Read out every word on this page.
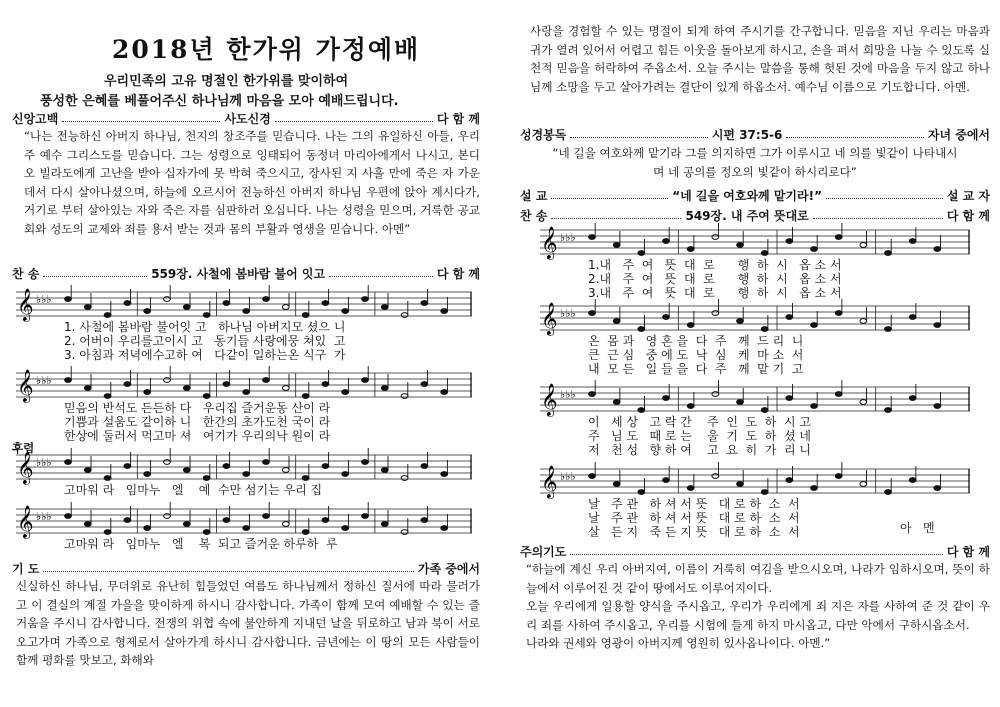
2018년 한가위 가정예배
우리민족의 고유 명절인 한가위를 맞이하여
풍성한 은혜를 베풀어주신 하나님께 마음을 모아 예배드립니다.
신앙고백	사도신경	다 함 께
“나는 전능하신 아버지 하나님, 천지의 창조주를 믿습니다. 나는 그의 유일하신 아들, 우리 주 예수 그리스도를 믿습니다. 그는 성령으로 잉태되어 동정녀 마리아에게서 나시고, 본디오 빌라도에게 고난을 받아 십자가에 못 박혀 죽으시고, 장사된 지 사흘 만에 죽은 자 가운데서 다시 살아나셨으며, 하늘에 오르시어 전능하신 아버지 하나님 우편에 앉아 계시다가, 거기로 부터 살아있는 자와 죽은 자를 심판하러 오십니다. 나는 성령을 믿으며, 거룩한 공교회와 성도의 교제와 죄를 용서 받는 것과 몸의 부활과 영생을 믿습니다. 아멘”
찬 송	559장. 사철에 봄바람 불어 잇고	다 함 께
𝄞 ♭♭♭
1. 사철에 봄바람 불어잇 고   하나님 아버지모 셨으 니
2. 어버이 우리를고이시 고   동기들 사랑에뭉 쳐있  고
3. 아침과 저녁에수고하 여   다같이 일하는온 식구  가
𝄞 ♭♭♭
믿음의 반석도 든든하 다   우리집 즐거운동 산이 라
기쁨과 설움도 같이하 니   한간의 초가도천 국이 라
한상에 둘러서 먹고마 셔   여기가 우리의낙 원이 라
𝄞 ♭♭♭
고마워 라   임마누   엘    예  수만 섬기는 우리 집
𝄞 ♭♭♭
고마워 라   임마누   엘    복  되고 즐거운 하루하  루
후렴
기 도	가족 중에서
신실하신 하나님, 무더위로 유난히 힘들었던 여름도 하나님께서 정하신 질서에 따라 물러가고 이 결실의 계절 가을을 맞이하게 하시니 감사합니다. 가족이 함께 모여 예배할 수 있는 즐거움을 주시니 감사합니다. 전쟁의 위협 속에 불안하게 지내던 날을 뒤로하고 남과 북이 서로 오고가며 가족으로 형제로서 살아가게 하시니 감사합니다. 금년에는 이 땅의 모든 사람들이 함께 평화를 맛보고, 화해와
사랑을 경험할 수 있는 명절이 되게 하여 주시기를 간구합니다. 믿음을 지닌 우리는 마음과 귀가 열려 있어서 어렵고 힘든 이웃을 돌아보게 하시고, 손을 펴서 희망을 나눌 수 있도록 실천적 믿음을 허락하여 주옵소서. 오늘 주시는 말씀을 통해 헛된 것에 마음을 두지 않고 하나님께 소망을 두고 살아가려는 결단이 있게 하옵소서. 예수님 이름으로 기도합니다. 아멘.
성경봉독	시편 37:5-6	자녀 중에서
“네 길을 여호와께 맡기라 그를 의지하면 그가 이루시고 네 의를 빛같이 나타내시며 네 공의를 정오의 빛같이 하시리로다”
설 교	“네 길을 여호와께 맡기라!”	설 교 자
찬 송	549장. 내 주여 뜻대로	다 함 께
𝄞 ♭♭♭
1.내   주  여   뜻  대  로      행  하  시   옵 소 서
2.내   주  여   뜻  대  로      행  하  시   옵 소 서
3.내   주  여   뜻  대  로      행  하  시   옵 소 서
𝄞 ♭♭♭
온  몸 과   영 혼 을  다  주   께  드 리  니
큰  근 심   중 에 도  낙  심   케  마 소  서
내  모 든   일 들 을  다  주   께  맡 기  고
𝄞 ♭♭♭
이   세 상   고 락 간    주  인  도  하  시 고
주   님 도   때 로 는    울  기  도  하  셨 네
저   천 성   향 하 여    고  요  히  가  리 니
𝄞 ♭♭♭
날   주 관   하 셔 서 뜻   대 로 하  소  서
날   주 관   하 셔 서 뜻   대 로 하  소  서
살   든 지   죽 든 지 뜻   대 로 하  소  서	아   멘
주의기도	다 함 께

“하늘에 계신 우리 아버지여, 이름이 거룩히 여김을 받으시오며, 나라가 임하시오며, 뜻이 하늘에서 이루어진 것 같이 땅에서도 이루어지이다.

오늘 우리에게 일용할 양식을 주시옵고, 우리가 우리에게 죄 지은 자를 사하여 준 것 같이 우리 죄를 사하여 주시옵고, 우리를 시험에 들게 하지 마시옵고, 다만 악에서 구하시옵소서.

나라와 권세와 영광이 아버지께 영원히 있사옵나이다. 아멘.”
